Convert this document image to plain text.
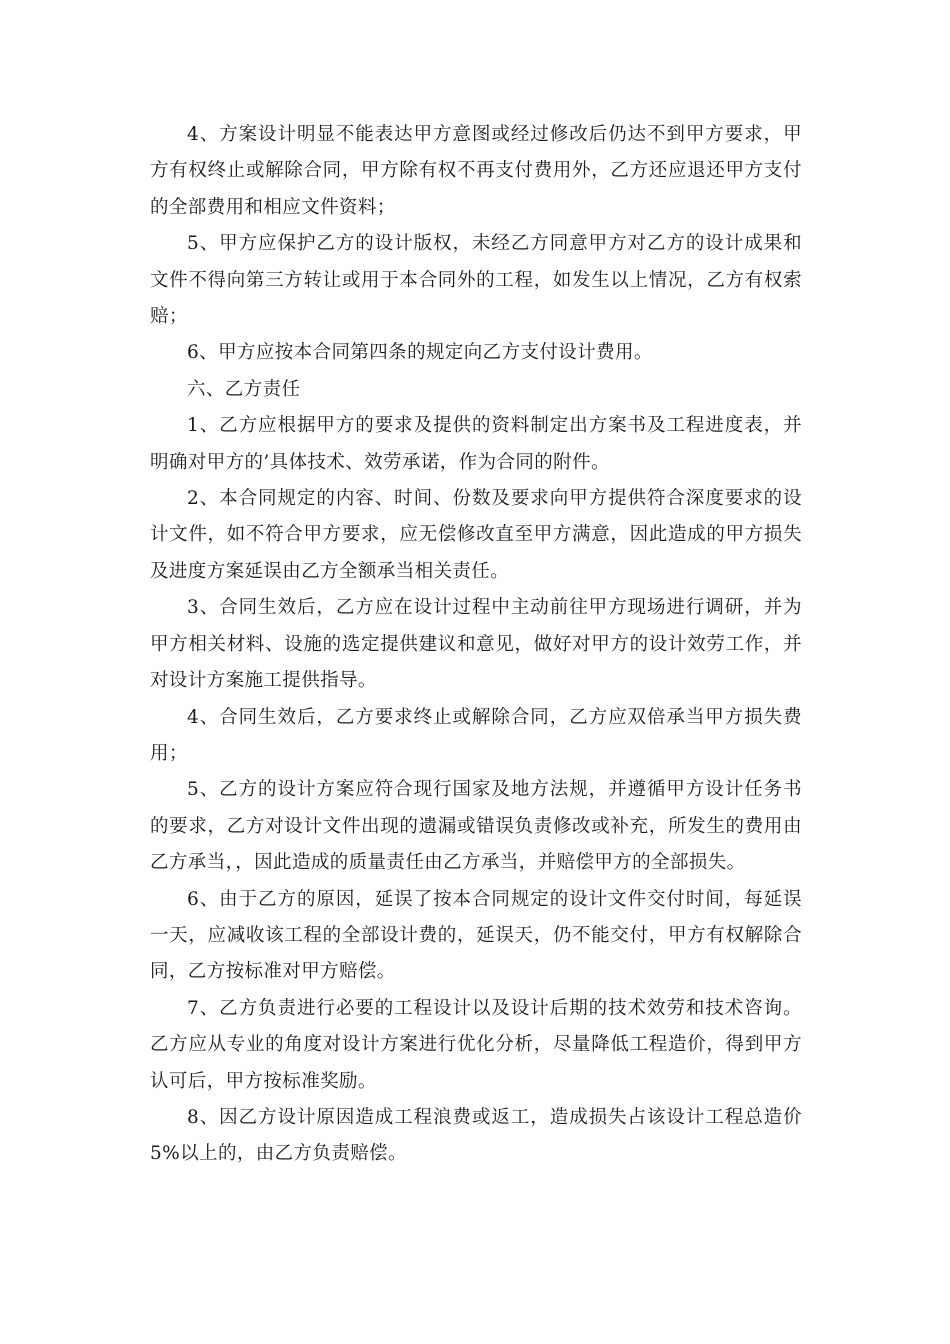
4、方案设计明显不能表达甲方意图或经过修改后仍达不到甲方要求，甲方有权终止或解除合同，甲方除有权不再支付费用外，乙方还应退还甲方支付的全部费用和相应文件资料；

5、甲方应保护乙方的设计版权，未经乙方同意甲方对乙方的设计成果和文件不得向第三方转让或用于本合同外的工程，如发生以上情况，乙方有权索赔；

6、甲方应按本合同第四条的规定向乙方支付设计费用。

六、乙方责任

1、乙方应根据甲方的要求及提供的资料制定出方案书及工程进度表，并明确对甲方的’具体技术、效劳承诺，作为合同的附件。

2、本合同规定的内容、时间、份数及要求向甲方提供符合深度要求的设计文件，如不符合甲方要求，应无偿修改直至甲方满意，因此造成的甲方损失及进度方案延误由乙方全额承当相关责任。

3、合同生效后，乙方应在设计过程中主动前往甲方现场进行调研，并为甲方相关材料、设施的选定提供建议和意见，做好对甲方的设计效劳工作，并对设计方案施工提供指导。

4、合同生效后，乙方要求终止或解除合同，乙方应双倍承当甲方损失费用；

5、乙方的设计方案应符合现行国家及地方法规，并遵循甲方设计任务书的要求，乙方对设计文件出现的遗漏或错误负责修改或补充，所发生的费用由乙方承当，，因此造成的质量责任由乙方承当，并赔偿甲方的全部损失。

6、由于乙方的原因，延误了按本合同规定的设计文件交付时间，每延误一天，应减收该工程的全部设计费的，延误天，仍不能交付，甲方有权解除合同，乙方按标准对甲方赔偿。

7、乙方负责进行必要的工程设计以及设计后期的技术效劳和技术咨询。乙方应从专业的角度对设计方案进行优化分析，尽量降低工程造价，得到甲方认可后，甲方按标准奖励。

8、因乙方设计原因造成工程浪费或返工，造成损失占该设计工程总造价5%以上的，由乙方负责赔偿。
